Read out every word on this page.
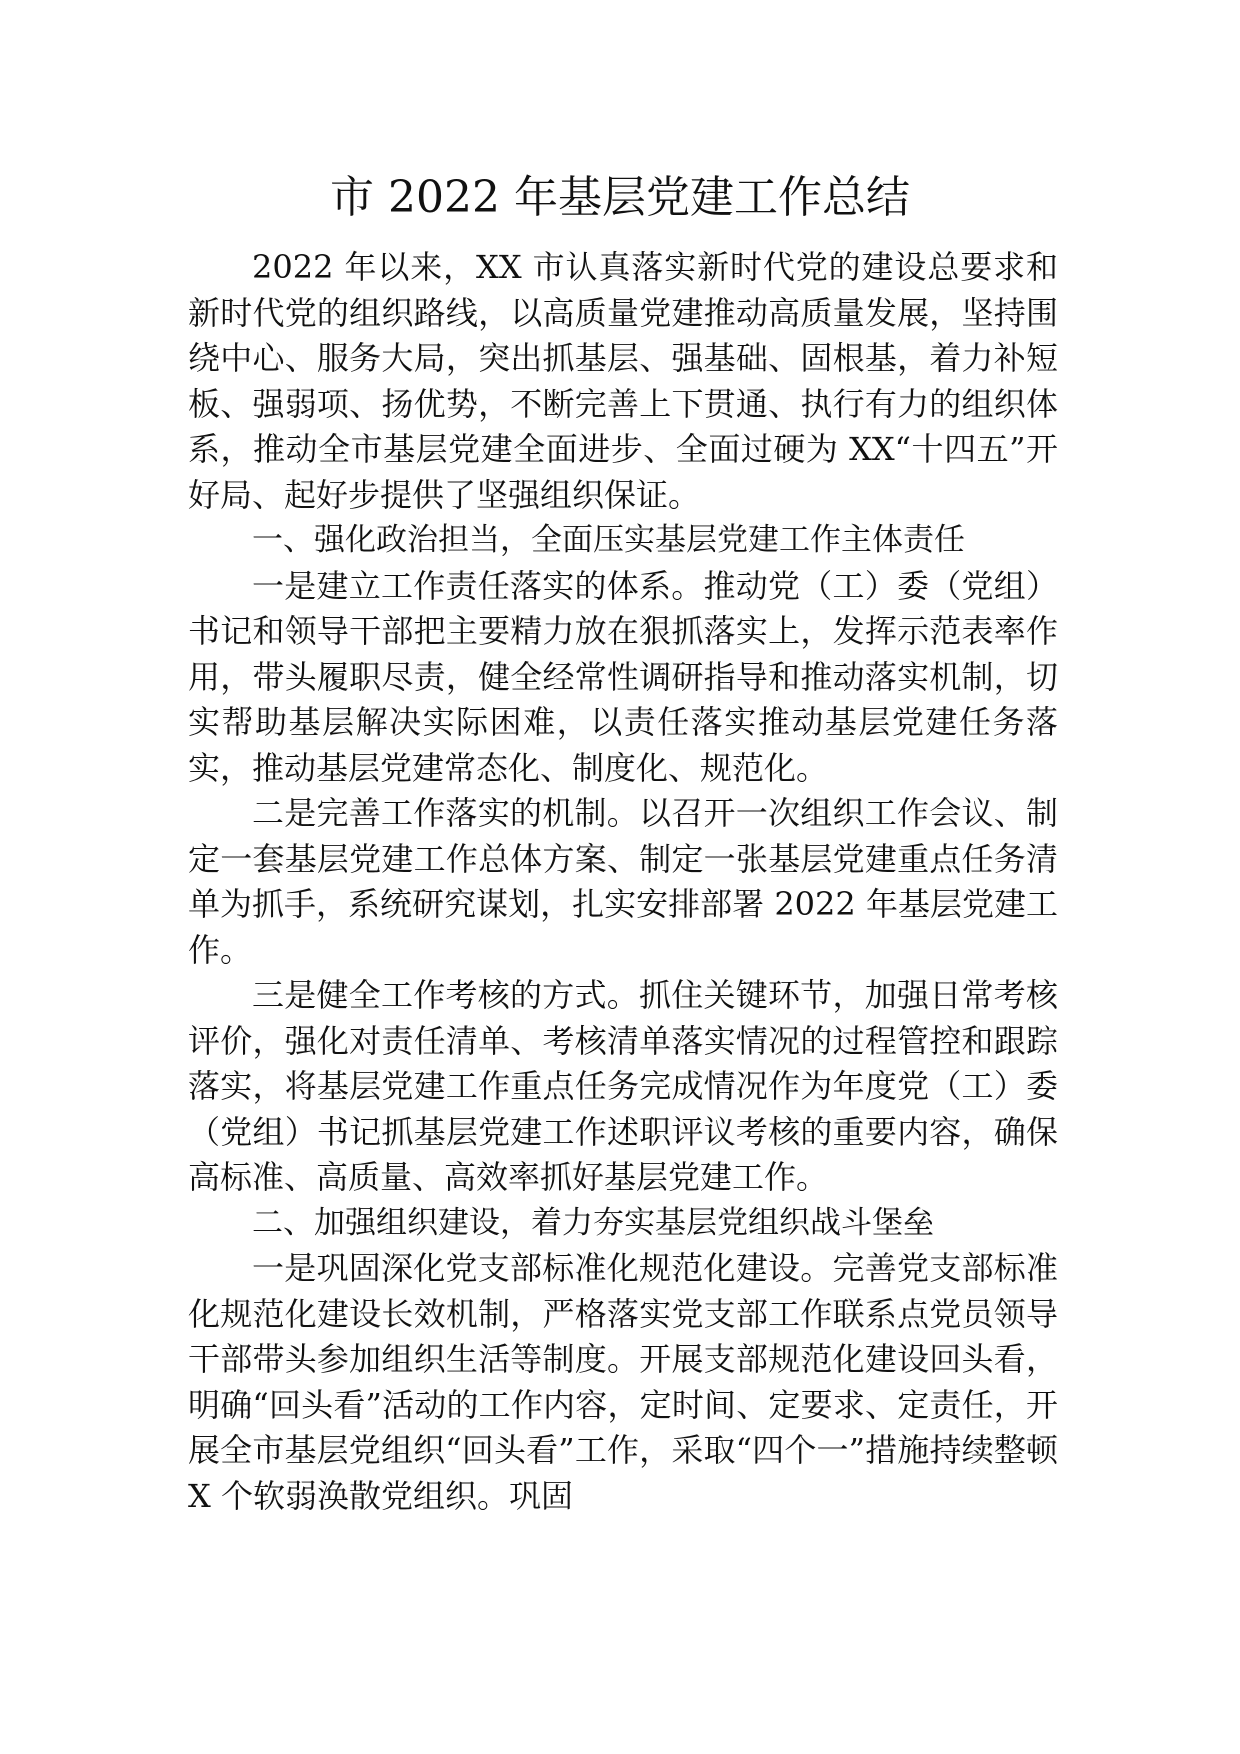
市 2022 年基层党建工作总结

2022 年以来，XX 市认真落实新时代党的建设总要求和新时代党的组织路线，以高质量党建推动高质量发展，坚持围绕中心、服务大局，突出抓基层、强基础、固根基，着力补短板、强弱项、扬优势，不断完善上下贯通、执行有力的组织体系，推动全市基层党建全面进步、全面过硬为 XX“十四五”开好局、起好步提供了坚强组织保证。

一、强化政治担当，全面压实基层党建工作主体责任

一是建立工作责任落实的体系。推动党（工）委（党组）书记和领导干部把主要精力放在狠抓落实上，发挥示范表率作用，带头履职尽责，健全经常性调研指导和推动落实机制，切实帮助基层解决实际困难，以责任落实推动基层党建任务落实，推动基层党建常态化、制度化、规范化。

二是完善工作落实的机制。以召开一次组织工作会议、制定一套基层党建工作总体方案、制定一张基层党建重点任务清单为抓手，系统研究谋划，扎实安排部署 2022 年基层党建工作。

三是健全工作考核的方式。抓住关键环节，加强日常考核评价，强化对责任清单、考核清单落实情况的过程管控和跟踪落实，将基层党建工作重点任务完成情况作为年度党（工）委（党组）书记抓基层党建工作述职评议考核的重要内容，确保高标准、高质量、高效率抓好基层党建工作。

二、加强组织建设，着力夯实基层党组织战斗堡垒

一是巩固深化党支部标准化规范化建设。完善党支部标准化规范化建设长效机制，严格落实党支部工作联系点党员领导干部带头参加组织生活等制度。开展支部规范化建设回头看，明确“回头看”活动的工作内容，定时间、定要求、定责任，开展全市基层党组织“回头看”工作，采取“四个一”措施持续整顿 X 个软弱涣散党组织。巩固
